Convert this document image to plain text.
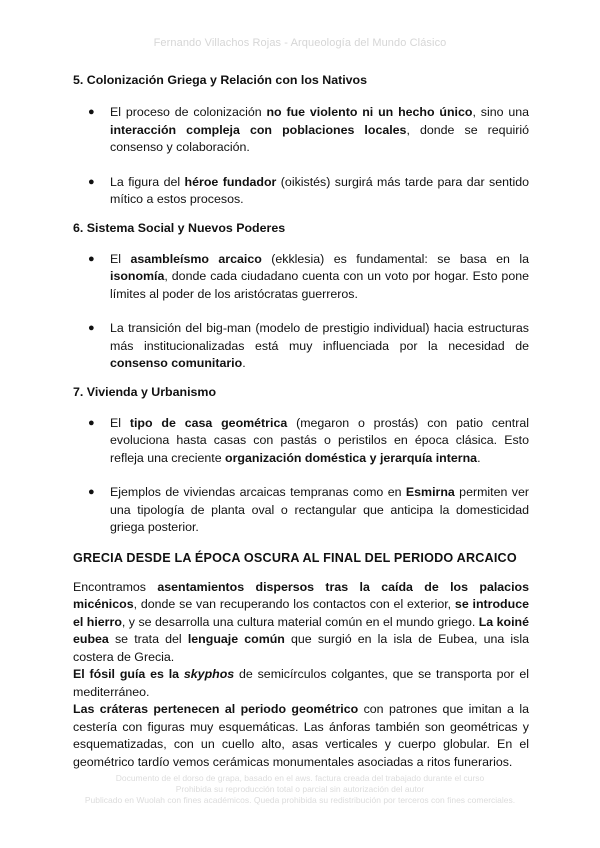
Fernando Villachos Rojas - Arqueología del Mundo Clásico
5. Colonización Griega y Relación con los Nativos
● El proceso de colonización no fue violento ni un hecho único, sino una interacción compleja con poblaciones locales, donde se requirió consenso y colaboración.
● La figura del héroe fundador (oikistés) surgirá más tarde para dar sentido mítico a estos procesos.
6. Sistema Social y Nuevos Poderes
● El asambleísmo arcaico (ekklesia) es fundamental: se basa en la isonomía, donde cada ciudadano cuenta con un voto por hogar. Esto pone límites al poder de los aristócratas guerreros.
● La transición del big-man (modelo de prestigio individual) hacia estructuras más institucionalizadas está muy influenciada por la necesidad de consenso comunitario.
7. Vivienda y Urbanismo
● El tipo de casa geométrica (megaron o prostás) con patio central evoluciona hasta casas con pastás o peristilos en época clásica. Esto refleja una creciente organización doméstica y jerarquía interna.
● Ejemplos de viviendas arcaicas tempranas como en Esmirna permiten ver una tipología de planta oval o rectangular que anticipa la domesticidad griega posterior.
GRECIA DESDE LA ÉPOCA OSCURA AL FINAL DEL PERIODO ARCAICO

Encontramos asentamientos dispersos tras la caída de los palacios micénicos, donde se van recuperando los contactos con el exterior, se introduce el hierro, y se desarrolla una cultura material común en el mundo griego. La koiné eubea se trata del lenguaje común que surgió en la isla de Eubea, una isla costera de Grecia.

El fósil guía es la skyphos de semicírculos colgantes, que se transporta por el mediterráneo.

Las cráteras pertenecen al periodo geométrico con patrones que imitan a la cestería con figuras muy esquemáticas. Las ánforas también son geométricas y esquematizadas, con un cuello alto, asas verticales y cuerpo globular. En el geométrico tardío vemos cerámicas monumentales asociadas a ritos funerarios.

Documento de el dorso de grapa, basado en el aws. factura creada del trabajado durante el curso
Prohibida su reproducción total o parcial sin autorización del autor
Publicado en Wuolah con fines académicos. Queda prohibida su redistribución por terceros con fines comerciales.
